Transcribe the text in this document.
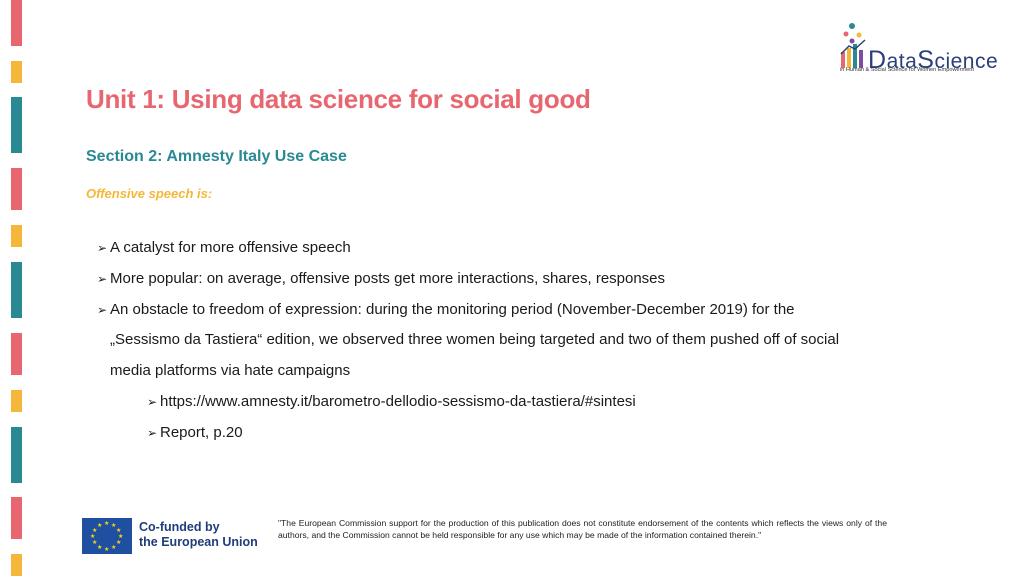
DataScience
in Human & Social Science for Women Empowerment
Unit 1: Using data science for social good
Section 2: Amnesty Italy Use Case
Offensive speech is:
➢ A catalyst for more offensive speech
➢ More popular: on average, offensive posts get more interactions, shares, responses
➢ An obstacle to freedom of expression: during the monitoring period (November-December 2019) for the
„Sessismo da Tastiera“ edition, we observed three women being targeted and two of them pushed off of social
media platforms via hate campaigns
➢ https://www.amnesty.it/barometro-dellodio-sessismo-da-tastiera/#sintesi
➢ Report, p.20
★ ★
★
★
★
★
★
★
★
★
★
★	Co-funded by
the European Union
"The European Commission support for the production of this publication does not constitute endorsement of the contents which reflects the views only of the authors, and the Commission cannot be held responsible for any use which may be made of the information contained therein."
